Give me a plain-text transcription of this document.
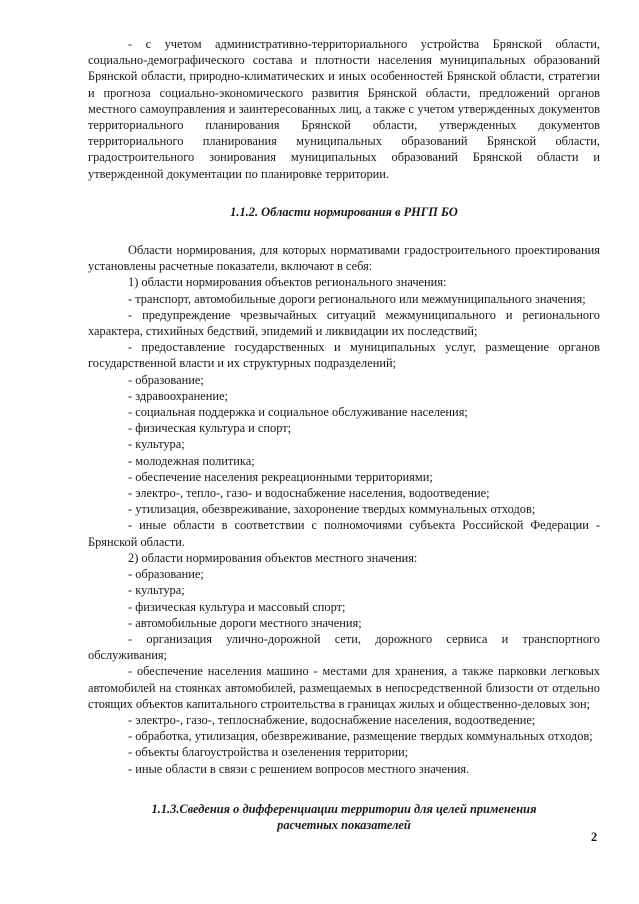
- с учетом административно-территориального устройства Брянской области, социально-демографического состава и плотности населения муниципальных образований Брянской области, природно-климатических и иных особенностей Брянской области, стратегии и прогноза социально-экономического развития Брянской области, предложений органов местного самоуправления и заинтересованных лиц, а также с учетом утвержденных документов территориального планирования Брянской области, утвержденных документов территориального планирования муниципальных образований Брянской области, градостроительного зонирования муниципальных образований Брянской области и утвержденной документации по планировке территории.

1.1.2. Области нормирования в РНГП БО

Области нормирования, для которых нормативами градостроительного проектирования установлены расчетные показатели, включают в себя:

1) области нормирования объектов регионального значения:

- транспорт, автомобильные дороги регионального или межмуниципального значения;

- предупреждение чрезвычайных ситуаций межмуниципального и регионального характера, стихийных бедствий, эпидемий и ликвидации их последствий;

- предоставление государственных и муниципальных услуг, размещение органов государственной власти и их структурных подразделений;

- образование;

- здравоохранение;

- социальная поддержка и социальное обслуживание населения;

- физическая культура и спорт;

- культура;

- молодежная политика;

- обеспечение населения рекреационными территориями;

- электро-, тепло-, газо- и водоснабжение населения, водоотведение;

- утилизация, обезвреживание, захоронение твердых коммунальных отходов;

- иные области в соответствии с полномочиями субъекта Российской Федерации - Брянской области.

2) области нормирования объектов местного значения:

- образование;

- культура;

- физическая культура и массовый спорт;

- автомобильные дороги местного значения;

- организация улично-дорожной сети, дорожного сервиса и транспортного обслуживания;

- обеспечение населения машино - местами для хранения, а также парковки легковых автомобилей на стоянках автомобилей, размещаемых в непосредственной близости от отдельно стоящих объектов капитального строительства в границах жилых и общественно-деловых зон;

- электро-, газо-, теплоснабжение, водоснабжение населения, водоотведение;

- обработка, утилизация, обезвреживание, размещение твердых коммунальных отходов;

- объекты благоустройства и озеленения территории;

- иные области в связи с решением вопросов местного значения.

1.1.3.Сведения о дифференциации территории для целей применения
расчетных показателей
2
